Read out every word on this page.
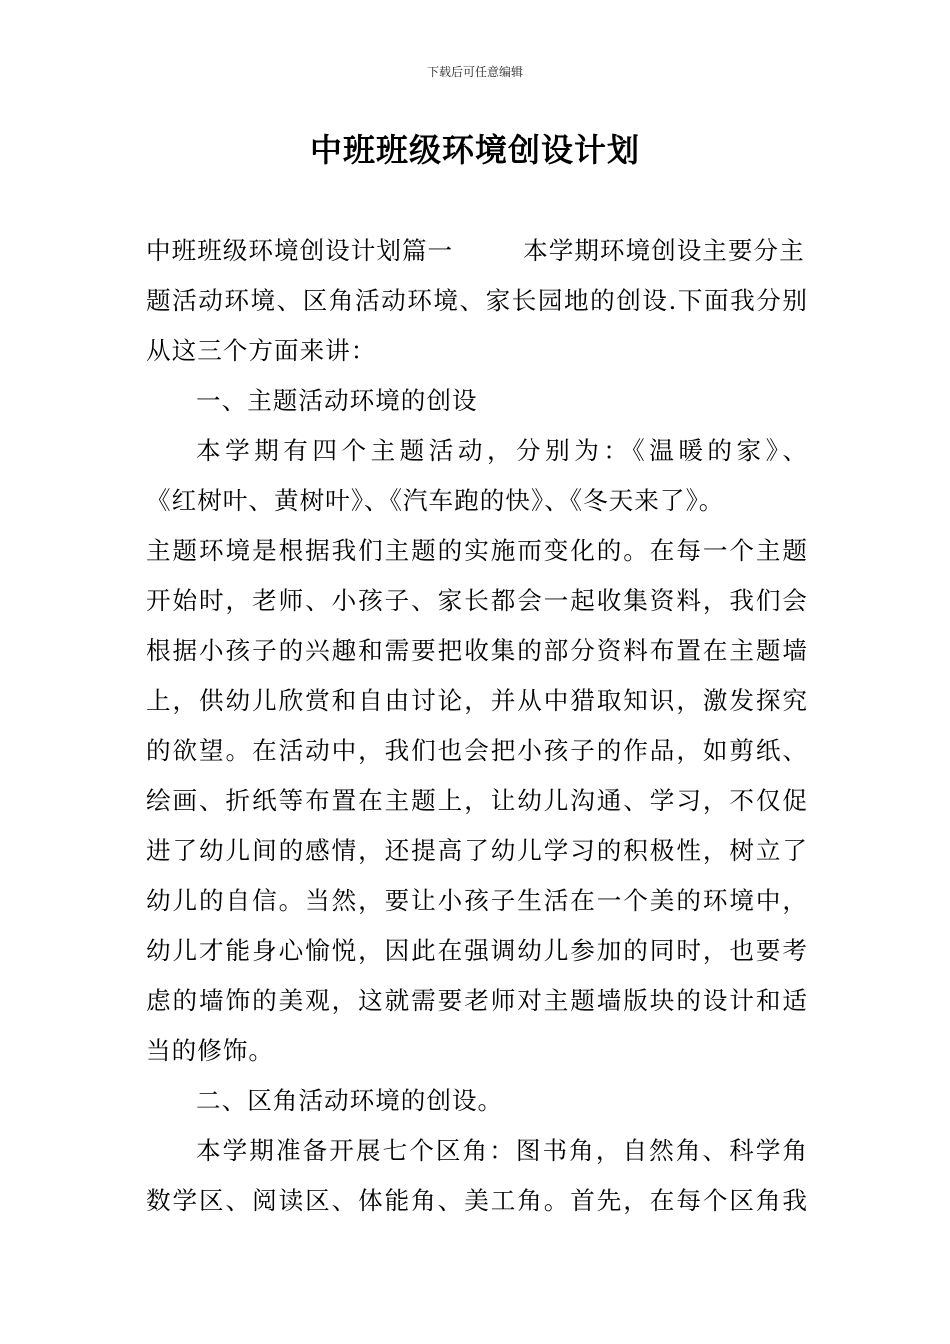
下载后可任意编辑
中班班级环境创设计划
中班班级环境创设计划篇一	本学期环境创设主要分主
题活动环境、区角活动环境、家长园地的创设.下面我分别
从这三个方面来讲：
一、主题活动环境的创设
本学期有四个主题活动，分别为：《温暖的家》、
《红树叶、黄树叶》、《汽车跑的快》、《冬天来了》。
主题环境是根据我们主题的实施而变化的。在每一个主题
开始时，老师、小孩子、家长都会一起收集资料，我们会
根据小孩子的兴趣和需要把收集的部分资料布置在主题墙
上，供幼儿欣赏和自由讨论，并从中猎取知识，激发探究
的欲望。在活动中，我们也会把小孩子的作品，如剪纸、
绘画、折纸等布置在主题上，让幼儿沟通、学习，不仅促
进了幼儿间的感情，还提高了幼儿学习的积极性，树立了
幼儿的自信。当然，要让小孩子生活在一个美的环境中，
幼儿才能身心愉悦，因此在强调幼儿参加的同时，也要考
虑的墙饰的美观，这就需要老师对主题墙版块的设计和适
当的修饰。
二、区角活动环境的创设。
本学期准备开展七个区角：图书角，自然角、科学角
数学区、阅读区、体能角、美工角。首先，在每个区角我
